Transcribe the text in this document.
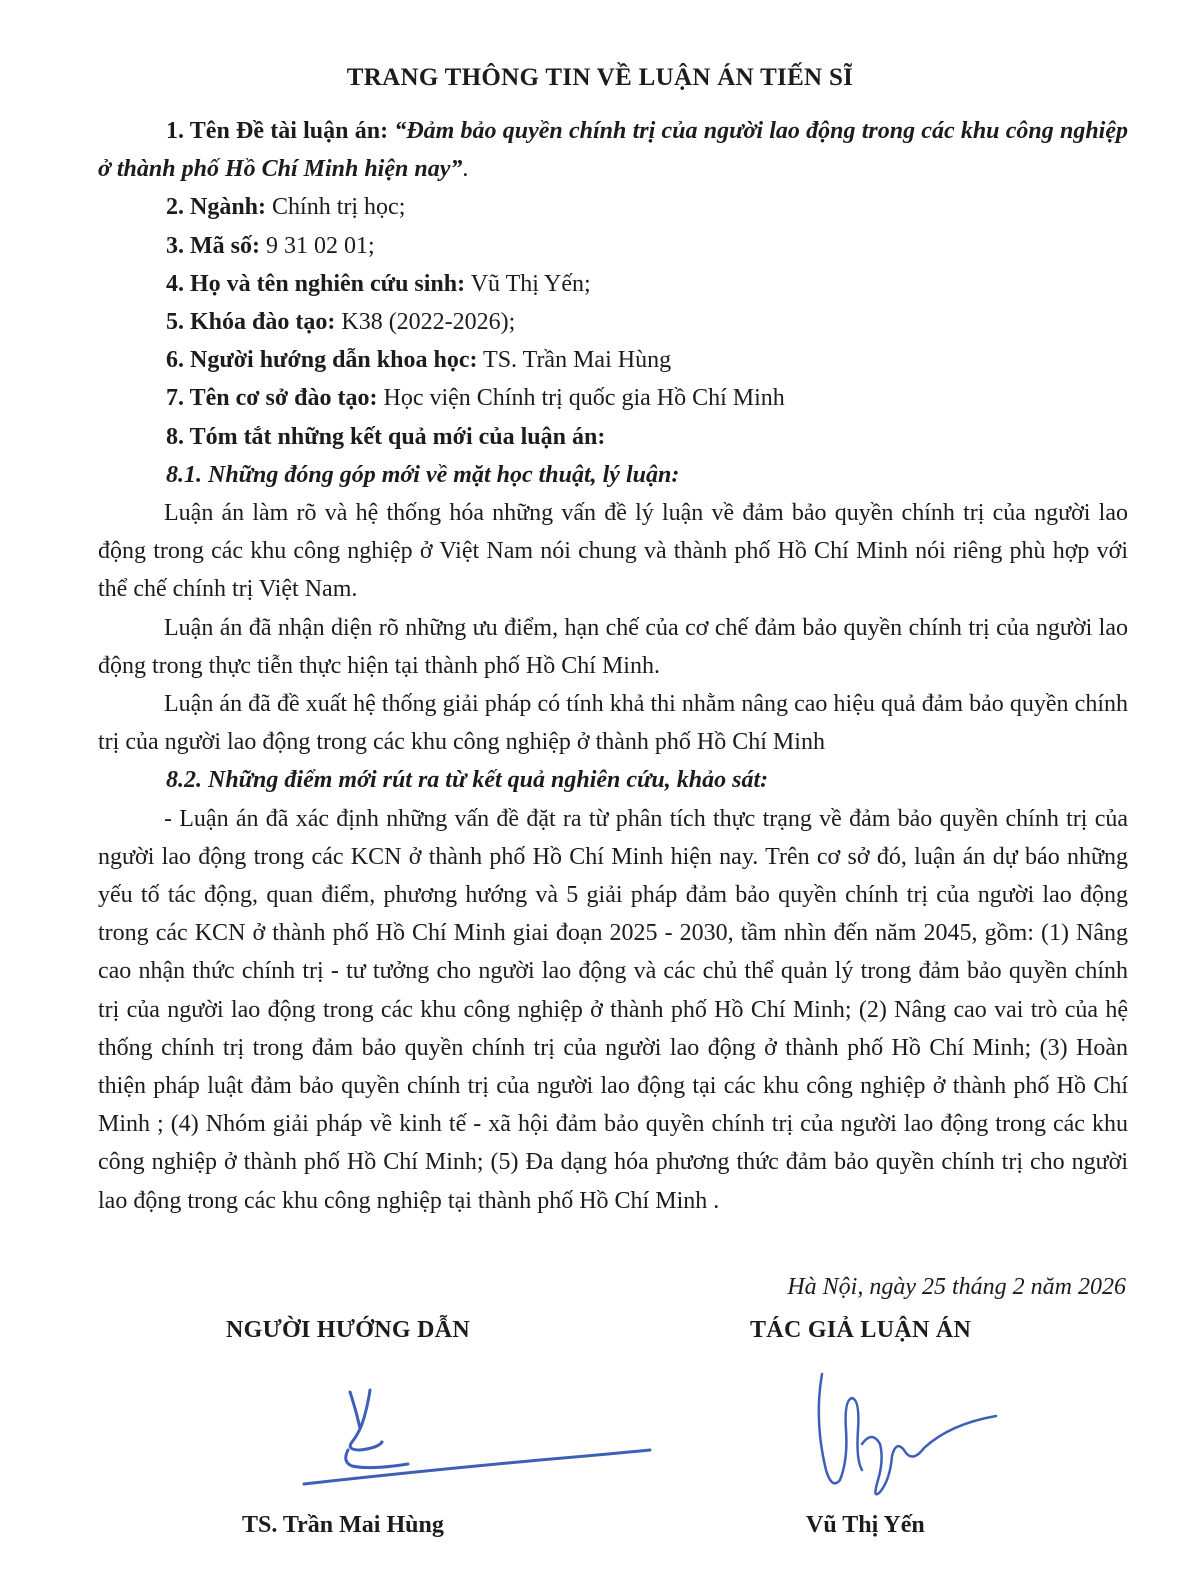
TRANG THÔNG TIN VỀ LUẬN ÁN TIẾN SĨ

1. Tên Đề tài luận án: “Đảm bảo quyền chính trị của người lao động trong các khu công nghiệp ở thành phố Hồ Chí Minh hiện nay”.

2. Ngành: Chính trị học;

3. Mã số: 9 31 02 01;

4. Họ và tên nghiên cứu sinh: Vũ Thị Yến;

5. Khóa đào tạo: K38 (2022-2026);

6. Người hướng dẫn khoa học: TS. Trần Mai Hùng

7. Tên cơ sở đào tạo: Học viện Chính trị quốc gia Hồ Chí Minh

8. Tóm tắt những kết quả mới của luận án:

8.1. Những đóng góp mới về mặt học thuật, lý luận:

Luận án làm rõ và hệ thống hóa những vấn đề lý luận về đảm bảo quyền chính trị của người lao động trong các khu công nghiệp ở Việt Nam nói chung và thành phố Hồ Chí Minh nói riêng phù hợp với thể chế chính trị Việt Nam.

Luận án đã nhận diện rõ những ưu điểm, hạn chế của cơ chế đảm bảo quyền chính trị của người lao động trong thực tiễn thực hiện tại thành phố Hồ Chí Minh.

Luận án đã đề xuất hệ thống giải pháp có tính khả thi nhằm nâng cao hiệu quả đảm bảo quyền chính trị của người lao động trong các khu công nghiệp ở thành phố Hồ Chí Minh

8.2. Những điểm mới rút ra từ kết quả nghiên cứu, khảo sát:

- Luận án đã xác định những vấn đề đặt ra từ phân tích thực trạng về đảm bảo quyền chính trị của người lao động trong các KCN ở thành phố Hồ Chí Minh hiện nay. Trên cơ sở đó, luận án dự báo những yếu tố tác động, quan điểm, phương hướng và 5 giải pháp đảm bảo quyền chính trị của người lao động trong các KCN ở thành phố Hồ Chí Minh giai đoạn 2025 - 2030, tầm nhìn đến năm 2045, gồm: (1) Nâng cao nhận thức chính trị - tư tưởng cho người lao động và các chủ thể quản lý trong đảm bảo quyền chính trị của người lao động trong các khu công nghiệp ở thành phố Hồ Chí Minh; (2) Nâng cao vai trò của hệ thống chính trị trong đảm bảo quyền chính trị của người lao động ở thành phố Hồ Chí Minh; (3) Hoàn thiện pháp luật đảm bảo quyền chính trị của người lao động tại các khu công nghiệp ở thành phố Hồ Chí Minh ; (4) Nhóm giải pháp về kinh tế - xã hội đảm bảo quyền chính trị của người lao động trong các khu công nghiệp ở thành phố Hồ Chí Minh; (5) Đa dạng hóa phương thức đảm bảo quyền chính trị cho người lao động trong các khu công nghiệp tại thành phố Hồ Chí Minh .

Hà Nội, ngày 25 tháng 2 năm 2026
NGƯỜI HƯỚNG DẪN	TÁC GIẢ LUẬN ÁN
TS. Trần Mai Hùng	Vũ Thị Yến
